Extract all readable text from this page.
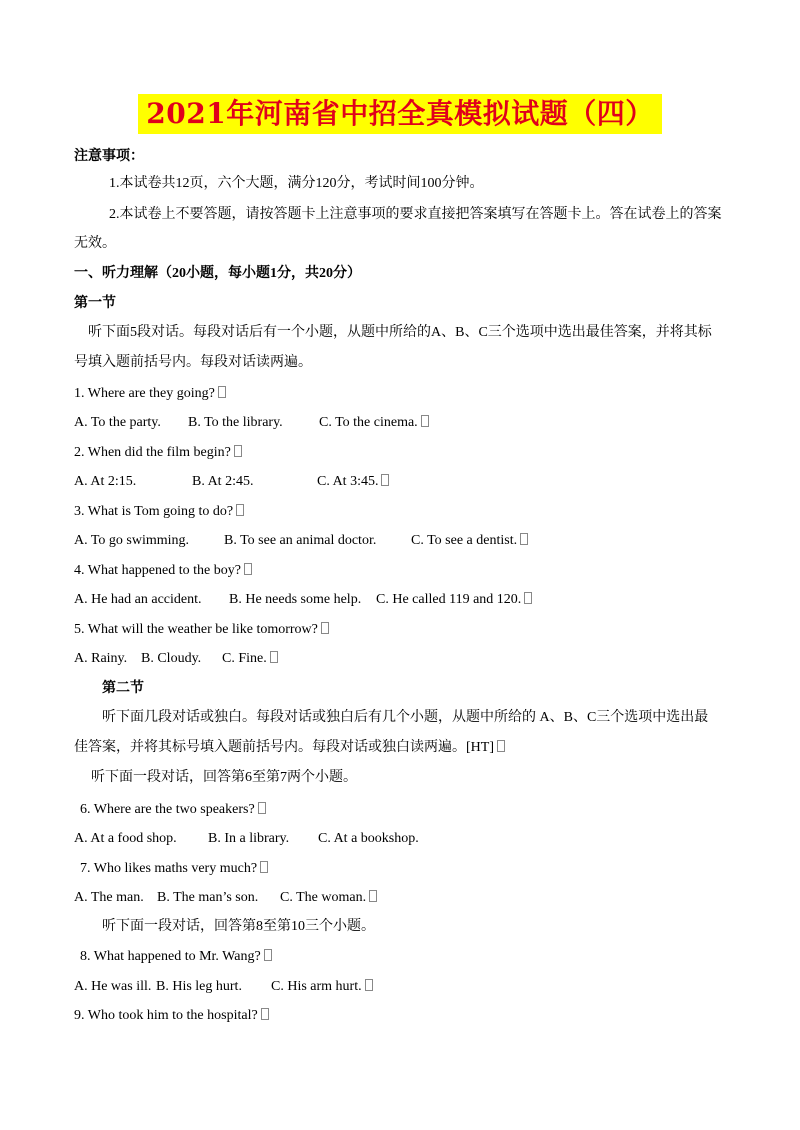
2021年河南省中招全真模拟试题（四）
注意事项：
1.本试卷共12页，六个大题，满分120分，考试时间100分钟。
2.本试卷上不要答题，请按答题卡上注意事项的要求直接把答案填写在答题卡上。答在试卷上的答案
无效。
一、听力理解（20小题，每小题1分，共20分）
第一节
听下面5段对话。每段对话后有一个小题，从题中所给的A、B、C三个选项中选出最佳答案，并将其标
号填入题前括号内。每段对话读两遍。
1. Where are they going?
A. To the party. B. To the library.	C. To the cinema.
2. When did the film begin?
A. At 2:15.	B. At 2:45.	C. At 3:45.
3. What is Tom going to do?
A. To go swimming. B. To see an animal doctor. C. To see a dentist.
4. What happened to the boy?
A. He had an accident. B. He needs some help. C. He called 119 and 120.
5. What will the weather be like tomorrow?
A. Rainy. B. Cloudy. C. Fine.
第二节
听下面几段对话或独白。每段对话或独白后有几个小题，从题中所给的 A、B、C三个选项中选出最
佳答案，并将其标号填入题前括号内。每段对话或独白读两遍。[HT]
听下面一段对话，回答第6至第7两个小题。
6. Where are the two speakers?
A. At a food shop. B. In a library. C. At a bookshop.
7. Who likes maths very much?
A. The man. B. The man’s son. C. The woman.
听下面一段对话，回答第8至第10三个小题。
8. What happened to Mr. Wang?
A. He was ill. B. His leg hurt. C. His arm hurt.
9. Who took him to the hospital?
